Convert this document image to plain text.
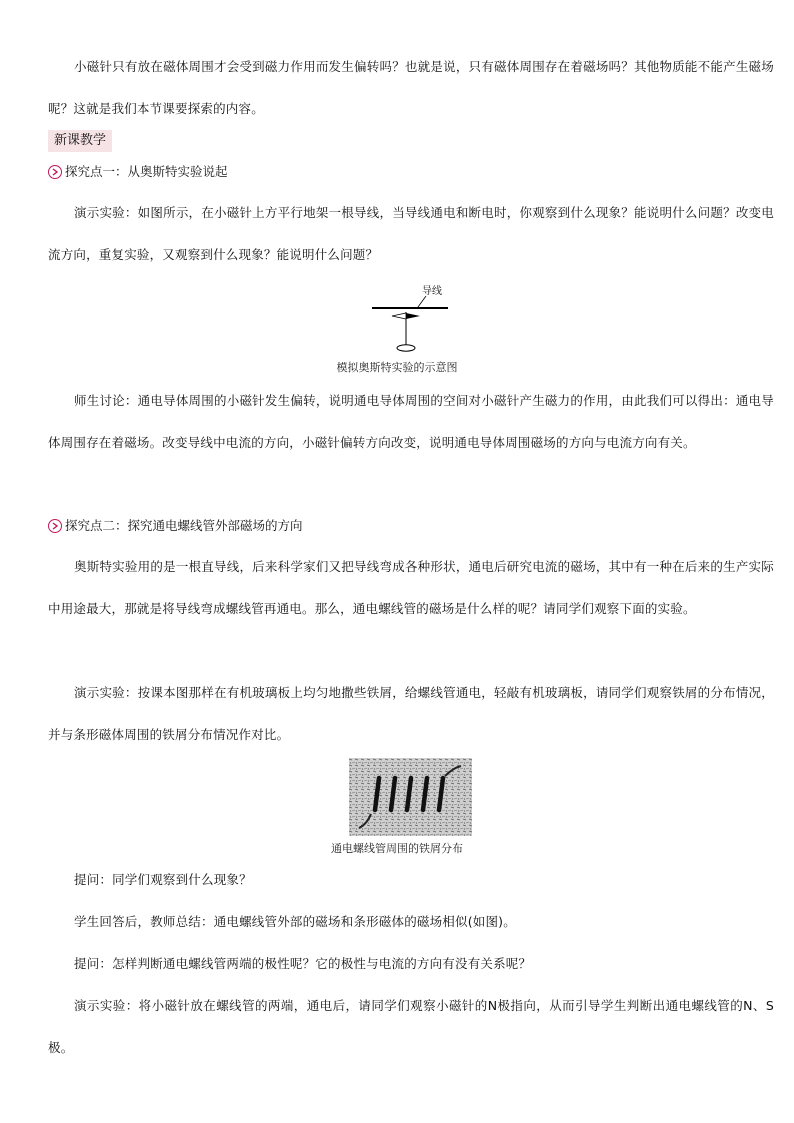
小磁针只有放在磁体周围才会受到磁力作用而发生偏转吗？也就是说，只有磁体周围存在着磁场吗？其他物质能不能产生磁场呢？这就是我们本节课要探索的内容。

新课教学
探究点一：从奥斯特实验说起

演示实验：如图所示，在小磁针上方平行地架一根导线，当导线通电和断电时，你观察到什么现象？能说明什么问题？改变电流方向，重复实验，又观察到什么现象？能说明什么问题？

导线
模拟奥斯特实验的示意图

师生讨论：通电导体周围的小磁针发生偏转，说明通电导体周围的空间对小磁针产生磁力的作用，由此我们可以得出：通电导体周围存在着磁场。改变导线中电流的方向，小磁针偏转方向改变，说明通电导体周围磁场的方向与电流方向有关。

探究点二：探究通电螺线管外部磁场的方向

奥斯特实验用的是一根直导线，后来科学家们又把导线弯成各种形状，通电后研究电流的磁场，其中有一种在后来的生产实际中用途最大，那就是将导线弯成螺线管再通电。那么，通电螺线管的磁场是什么样的呢？请同学们观察下面的实验。

演示实验：按课本图那样在有机玻璃板上均匀地撒些铁屑，给螺线管通电，轻敲有机玻璃板，请同学们观察铁屑的分布情况，并与条形磁体周围的铁屑分布情况作对比。

通电螺线管周围的铁屑分布

提问：同学们观察到什么现象？

学生回答后，教师总结：通电螺线管外部的磁场和条形磁体的磁场相似(如图)。

提问：怎样判断通电螺线管两端的极性呢？它的极性与电流的方向有没有关系呢？

演示实验：将小磁针放在螺线管的两端，通电后，请同学们观察小磁针的N极指向，从而引导学生判断出通电螺线管的N、S极。
